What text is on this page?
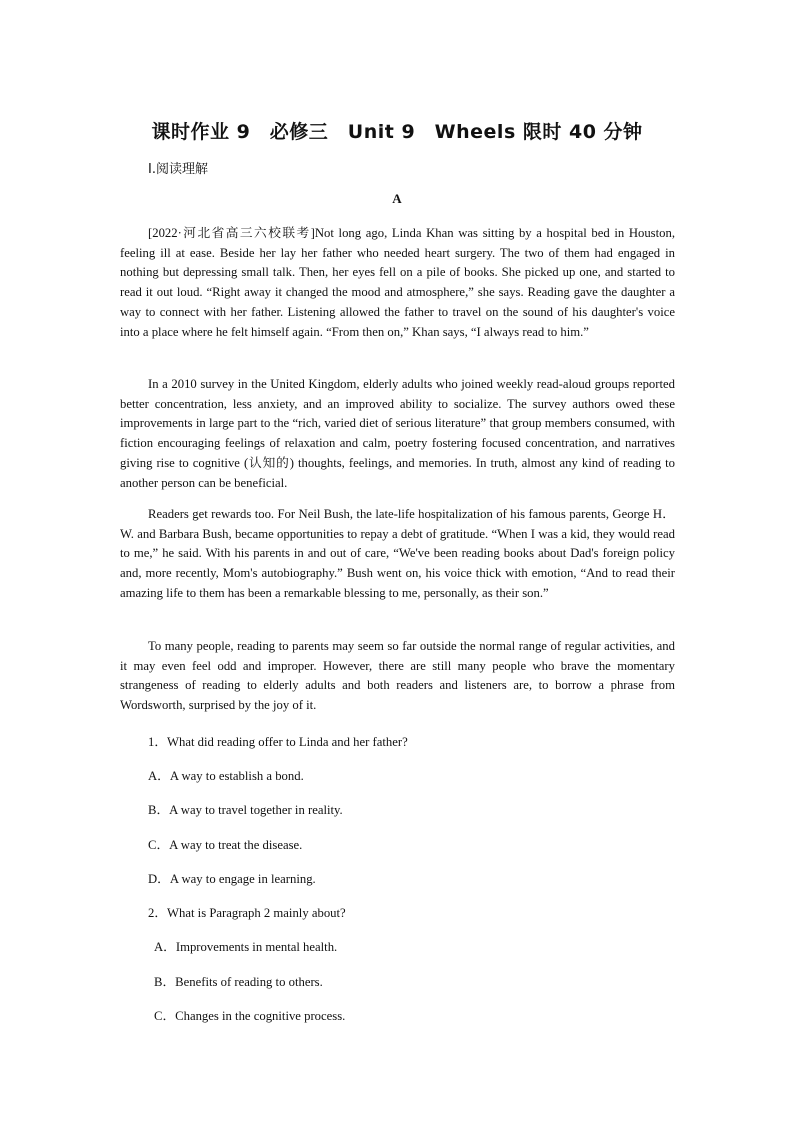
课时作业 9　必修三　Unit 9　Wheels 限时 40 分钟
Ⅰ.阅读理解
A

[2022·河北省高三六校联考]Not long ago, Linda Khan was sitting by a hospital bed in Houston, feeling ill at ease. Beside her lay her father who needed heart surgery. The two of them had engaged in nothing but depressing small talk. Then, her eyes fell on a pile of books. She picked up one, and started to read it out loud. “Right away it changed the mood and atmosphere,” she says. Reading gave the daughter a way to connect with her father. Listening allowed the father to travel on the sound of his daughter's voice into a place where he felt himself again. “From then on,” Khan says, “I always read to him.”

In a 2010 survey in the United Kingdom, elderly adults who joined weekly read-aloud groups reported better concentration, less anxiety, and an improved ability to socialize. The survey authors owed these improvements in large part to the “rich, varied diet of serious literature” that group members consumed, with fiction encouraging feelings of relaxation and calm, poetry fostering focused concentration, and narratives giving rise to cognitive (认知的) thoughts, feelings, and memories. In truth, almost any kind of reading to another person can be beneficial.

Readers get rewards too. For Neil Bush, the late-life hospitalization of his famous parents, George H．W. and Barbara Bush, became opportunities to repay a debt of gratitude. “When I was a kid, they would read to me,” he said. With his parents in and out of care, “We've been reading books about Dad's foreign policy and, more recently, Mom's autobiography.” Bush went on, his voice thick with emotion, “And to read their amazing life to them has been a remarkable blessing to me, personally, as their son.”

To many people, reading to parents may seem so far outside the normal range of regular activities, and it may even feel odd and improper. However, there are still many people who brave the momentary strangeness of reading to elderly adults and both readers and listeners are, to borrow a phrase from Wordsworth, surprised by the joy of it.

1．What did reading offer to Linda and her father?
A．A way to establish a bond.
B．A way to travel together in reality.
C．A way to treat the disease.
D．A way to engage in learning.
2．What is Paragraph 2 mainly about?
A．Improvements in mental health.
B．Benefits of reading to others.
C．Changes in the cognitive process.
